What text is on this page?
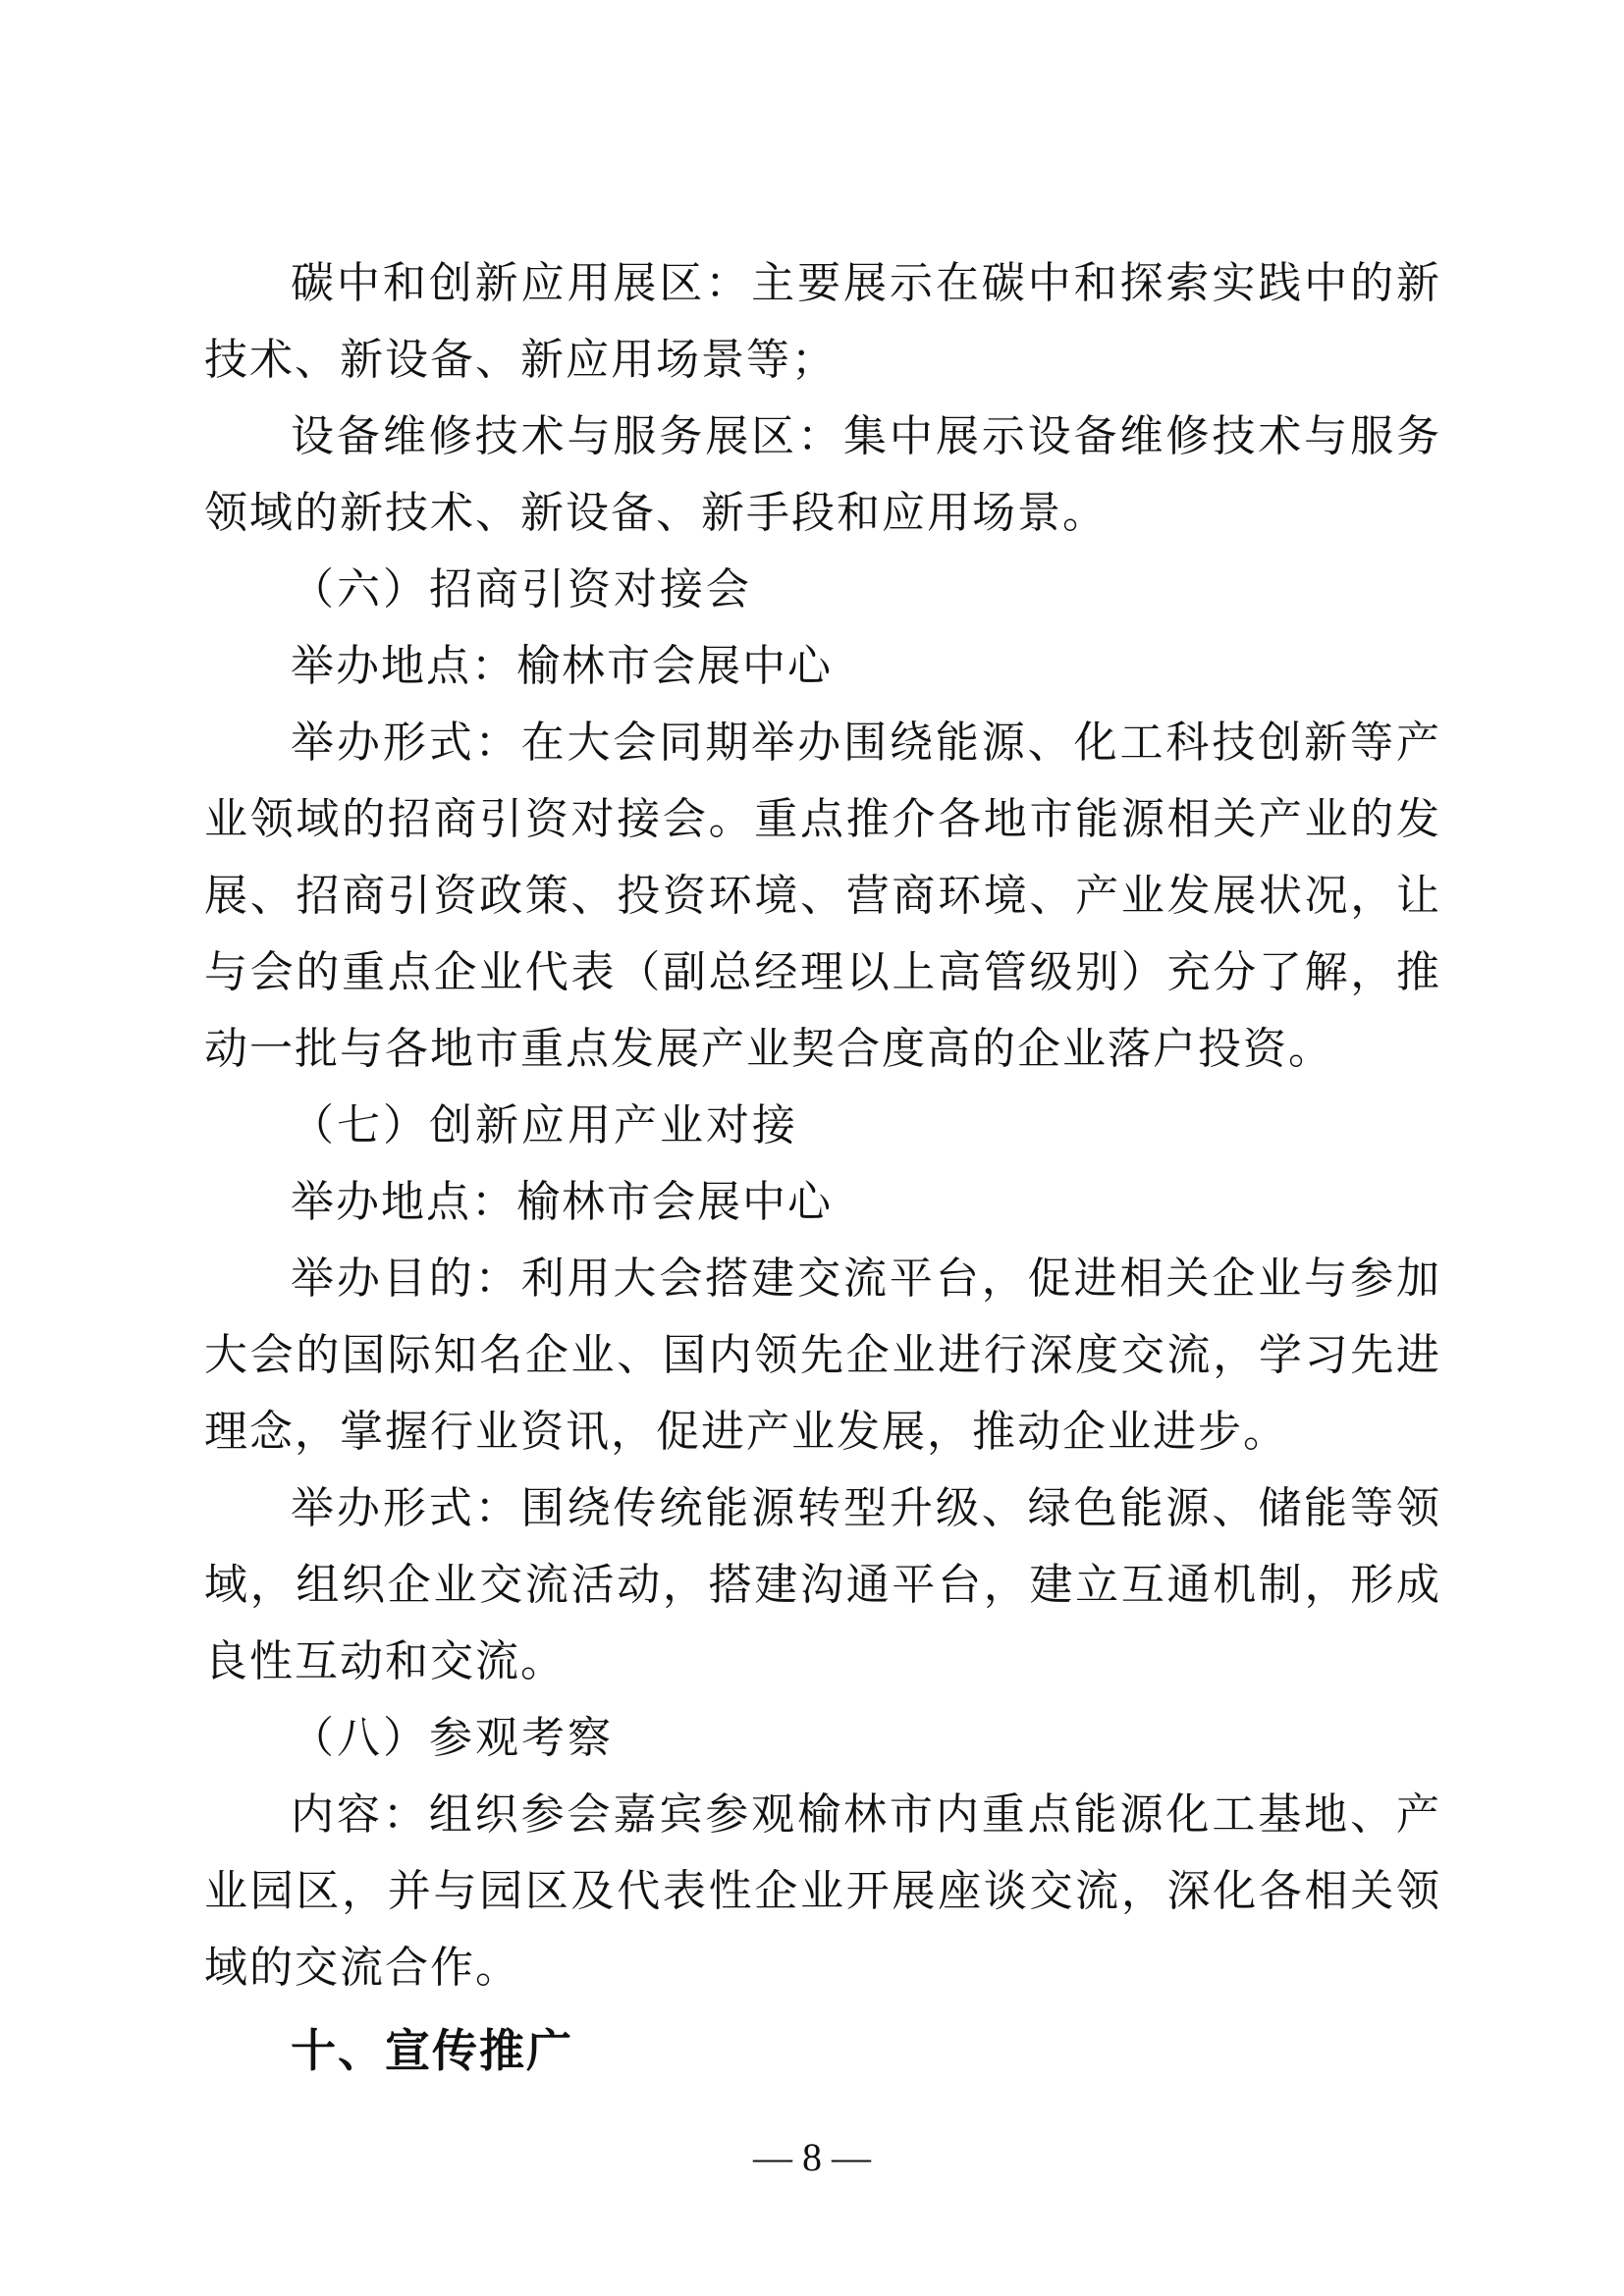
碳中和创新应用展区：主要展示在碳中和探索实践中的新技术、新设备、新应用场景等；

设备维修技术与服务展区：集中展示设备维修技术与服务领域的新技术、新设备、新手段和应用场景。

（六）招商引资对接会

举办地点：榆林市会展中心

举办形式：在大会同期举办围绕能源、化工科技创新等产业领域的招商引资对接会。重点推介各地市能源相关产业的发展、招商引资政策、投资环境、营商环境、产业发展状况，让与会的重点企业代表（副总经理以上高管级别）充分了解，推动一批与各地市重点发展产业契合度高的企业落户投资。

（七）创新应用产业对接

举办地点：榆林市会展中心

举办目的：利用大会搭建交流平台，促进相关企业与参加大会的国际知名企业、国内领先企业进行深度交流，学习先进理念，掌握行业资讯，促进产业发展，推动企业进步。

举办形式：围绕传统能源转型升级、绿色能源、储能等领域，组织企业交流活动，搭建沟通平台，建立互通机制，形成良性互动和交流。

（八）参观考察

内容：组织参会嘉宾参观榆林市内重点能源化工基地、产业园区，并与园区及代表性企业开展座谈交流，深化各相关领域的交流合作。

十、宣传推广
— 8 —
